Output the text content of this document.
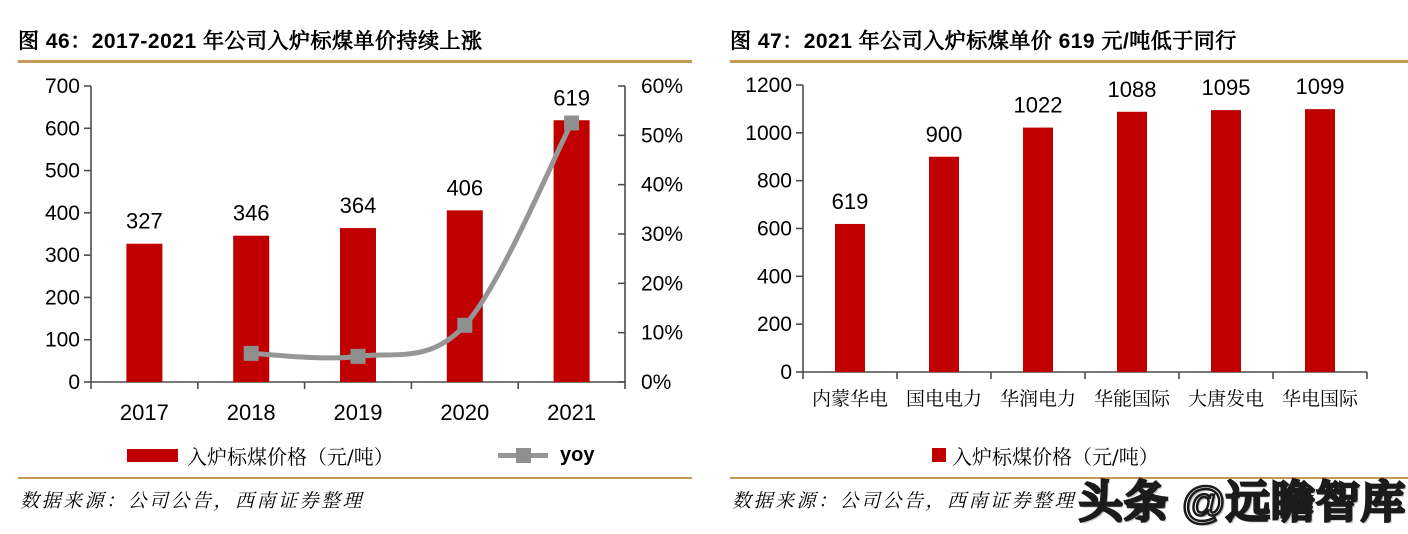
图 46：2017-2021 年公司入炉标煤单价持续上涨
0
100
200
300
400
500
600
700
0%
10%
20%
30%
40%
50%
60%
2017	2018	2019	2020	2021
327	346	364
406
619
入炉标煤价格（元/吨）	yoy

数据来源：公司公告，西南证券整理

图 47：2021 年公司入炉标煤单价 619 元/吨低于同行
0
200
400
600
800
1000
1200
内蒙华电 国电电力 华润电力 华能国际 大唐发电 华电国际
619
900
1022
1088 1095 1099
入炉标煤价格（元/吨）

数据来源：公司公告，西南证券整理 头条 @远瞻智库
